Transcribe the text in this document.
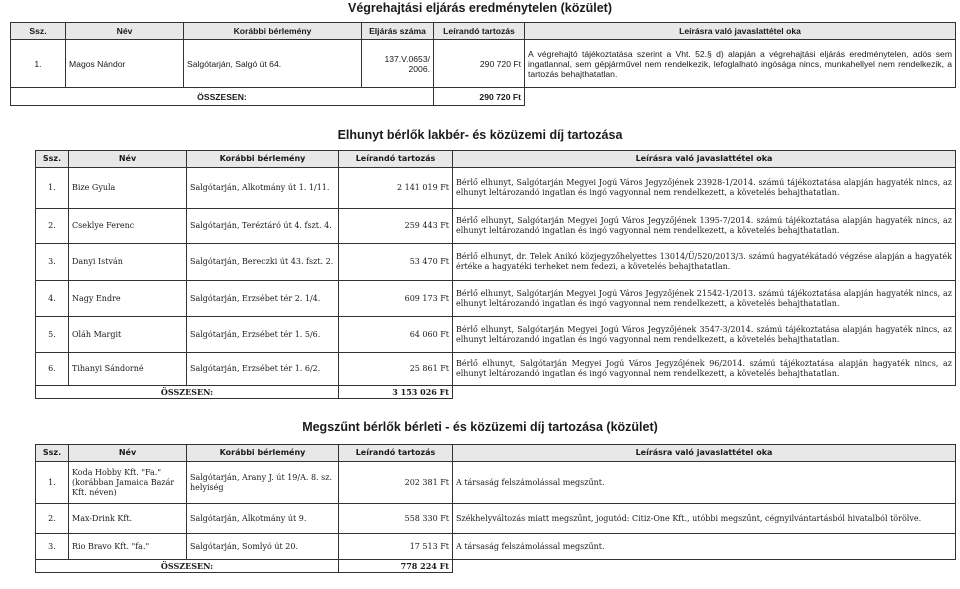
Végrehajtási eljárás eredménytelen (közület)
Ssz.	Név	Korábbi bérlemény	Eljárás száma	Leírandó tartozás	Leírásra való javaslattétel oka
1.	Magos Nándor	Salgótarján, Salgó út 64.	137.V.0653/ 2006.	290 720 Ft	A végrehajtó tájékoztatása szerint a Vht. 52.§ d) alapján a végrehajtási eljárás eredménytelen, adós sem ingatlannal, sem gépjárművel nem rendelkezik, lefoglalható ingósága nincs, munkahellyel nem rendelkezik, a tartozás behajthatatlan.
ÖSSZESEN:				290 720 Ft	
Elhunyt bérlők lakbér- és közüzemi díj tartozása
Ssz.	Név	Korábbi bérlemény	Leírandó tartozás	Leírásra való javaslattétel oka
1.	Bize Gyula	Salgótarján, Alkotmány út 1. 1/11.	2 141 019 Ft	Bérlő elhunyt, Salgótarján Megyei Jogú Város Jegyzőjének 23928-1/2014. számú tájékoztatása alapján hagyaték nincs, az elhunyt leltározandó ingatlan és ingó vagyonnal nem rendelkezett, a követelés behajthatatlan.
2.	Cseklye Ferenc	Salgótarján, Teréztáró út 4. fszt. 4.	259 443 Ft	Bérlő elhunyt, Salgótarján Megyei Jogú Város Jegyzőjének 1395-7/2014. számú tájékoztatása alapján hagyaték nincs, az elhunyt leltározandó ingatlan és ingó vagyonnal nem rendelkezett, a követelés behajthatatlan.
3.	Danyi István	Salgótarján, Bereczki út 43. fszt. 2.	53 470 Ft	Bérlő elhunyt, dr. Telek Anikó közjegyzőhelyettes 13014/Ü/520/2013/3. számú hagyatékátadó végzése alapján a hagyaték értéke a hagyatéki terheket nem fedezi, a követelés behajthatatlan.
4.	Nagy Endre	Salgótarján, Erzsébet tér 2. 1/4.	609 173 Ft	Bérlő elhunyt, Salgótarján Megyei Jogú Város Jegyzőjének 21542-1/2013. számú tájékoztatása alapján hagyaték nincs, az elhunyt leltározandó ingatlan és ingó vagyonnal nem rendelkezett, a követelés behajthatatlan.
5.	Oláh Margit	Salgótarján, Erzsébet tér 1. 5/6.	64 060 Ft	Bérlő elhunyt, Salgótarján Megyei Jogú Város Jegyzőjének 3547-3/2014. számú tájékoztatása alapján hagyaték nincs, az elhunyt leltározandó ingatlan és ingó vagyonnal nem rendelkezett, a követelés behajthatatlan.
6.	Tihanyi Sándorné	Salgótarján, Erzsébet tér 1. 6/2.	25 861 Ft	Bérlő elhunyt, Salgótarján Megyei Jogú Város Jegyzőjének 96/2014. számú tájékoztatása alapján hagyaték nincs, az elhunyt leltározandó ingatlan és ingó vagyonnal nem rendelkezett, a követelés behajthatatlan.
ÖSSZESEN:			3 153 026 Ft	
Megszűnt bérlők bérleti - és közüzemi díj tartozása (közület)
Ssz.	Név	Korábbi bérlemény	Leírandó tartozás	Leírásra való javaslattétel oka
1.	Koda Hobby Kft. "Fa." (korábban Jamaica Bazár Kft. néven)	Salgótarján, Arany J. út 19/A. 8. sz. helyiség	202 381 Ft	A társaság felszámolással megszűnt.
2.	Max-Drink Kft.	Salgótarján, Alkotmány út 9.	558 330 Ft	Székhelyváltozás miatt megszűnt, jogutód: Citiz-One Kft., utóbbi megszűnt, cégnyilvántartásból hivatalból törölve.
3.	Rio Bravo Kft. "fa."	Salgótarján, Somlyó út 20.	17 513 Ft	A társaság felszámolással megszűnt.
ÖSSZESEN:			778 224 Ft	
